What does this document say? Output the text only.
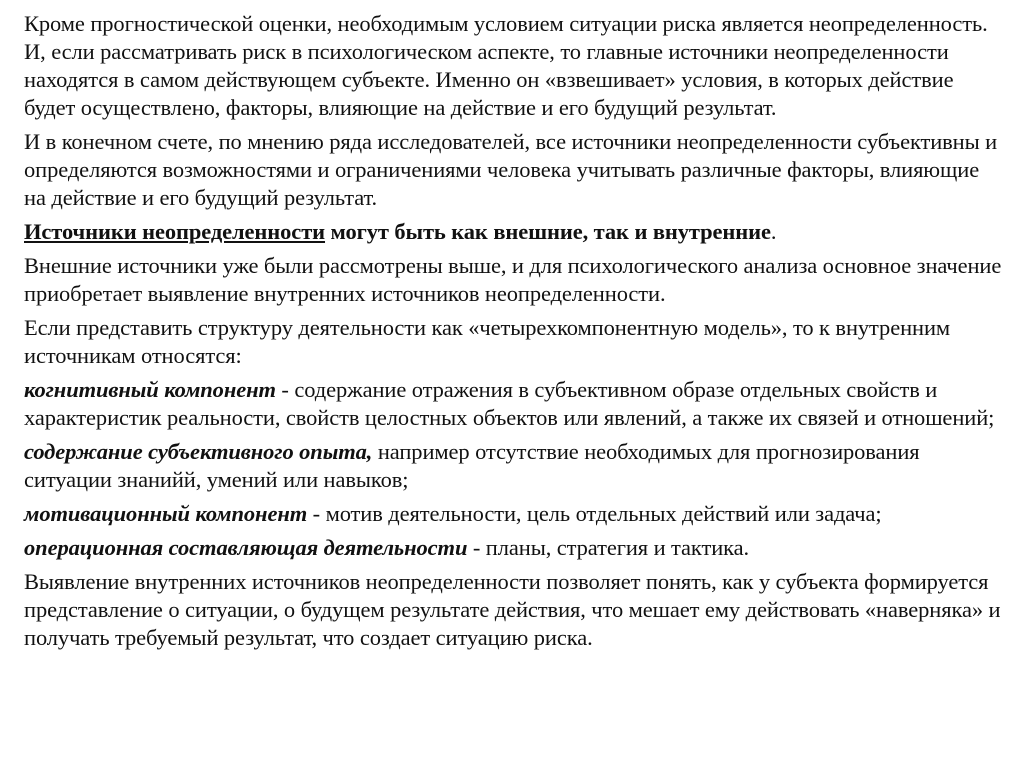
Кроме прогностической оценки, необходимым условием ситуации риска является неопределенность. И, если рассматривать риск в психологическом аспекте, то главные источники неопределенности находятся в самом действующем субъекте. Именно он «взвешивает» условия, в которых действие будет осуществлено, факторы, влияющие на действие и его будущий результат.

И в конечном счете, по мнению ряда исследователей, все источники неопределенности субъективны и определяются возможностями и ограничениями человека учитывать различные факторы, влияющие на действие и его будущий результат.

Источники неопределенности могут быть как внешние, так и внутренние.

Внешние источники уже были рассмотрены выше, и для психологического анализа основное значение приобретает выявление внутренних источников неопределенности.

Если представить структуру деятельности как «четырехкомпонентную модель», то к внутренним источникам относятся:

когнитивный компонент - содержание отражения в субъективном образе отдельных свойств и характеристик реальности, свойств целостных объектов или явлений, а также их связей и отношений;

содержание субъективного опыта, например отсутствие необходимых для прогнозирования ситуации знанийй, умений или навыков;

мотивационный компонент - мотив деятельности, цель отдельных действий или задача;

операционная составляющая деятельности - планы, стратегия и тактика.

Выявление внутренних источников неопределенности позволяет понять, как у субъекта формируется представление о ситуации, о будущем результате действия, что мешает ему действовать «наверняка» и получать требуемый результат, что создает ситуацию риска.
